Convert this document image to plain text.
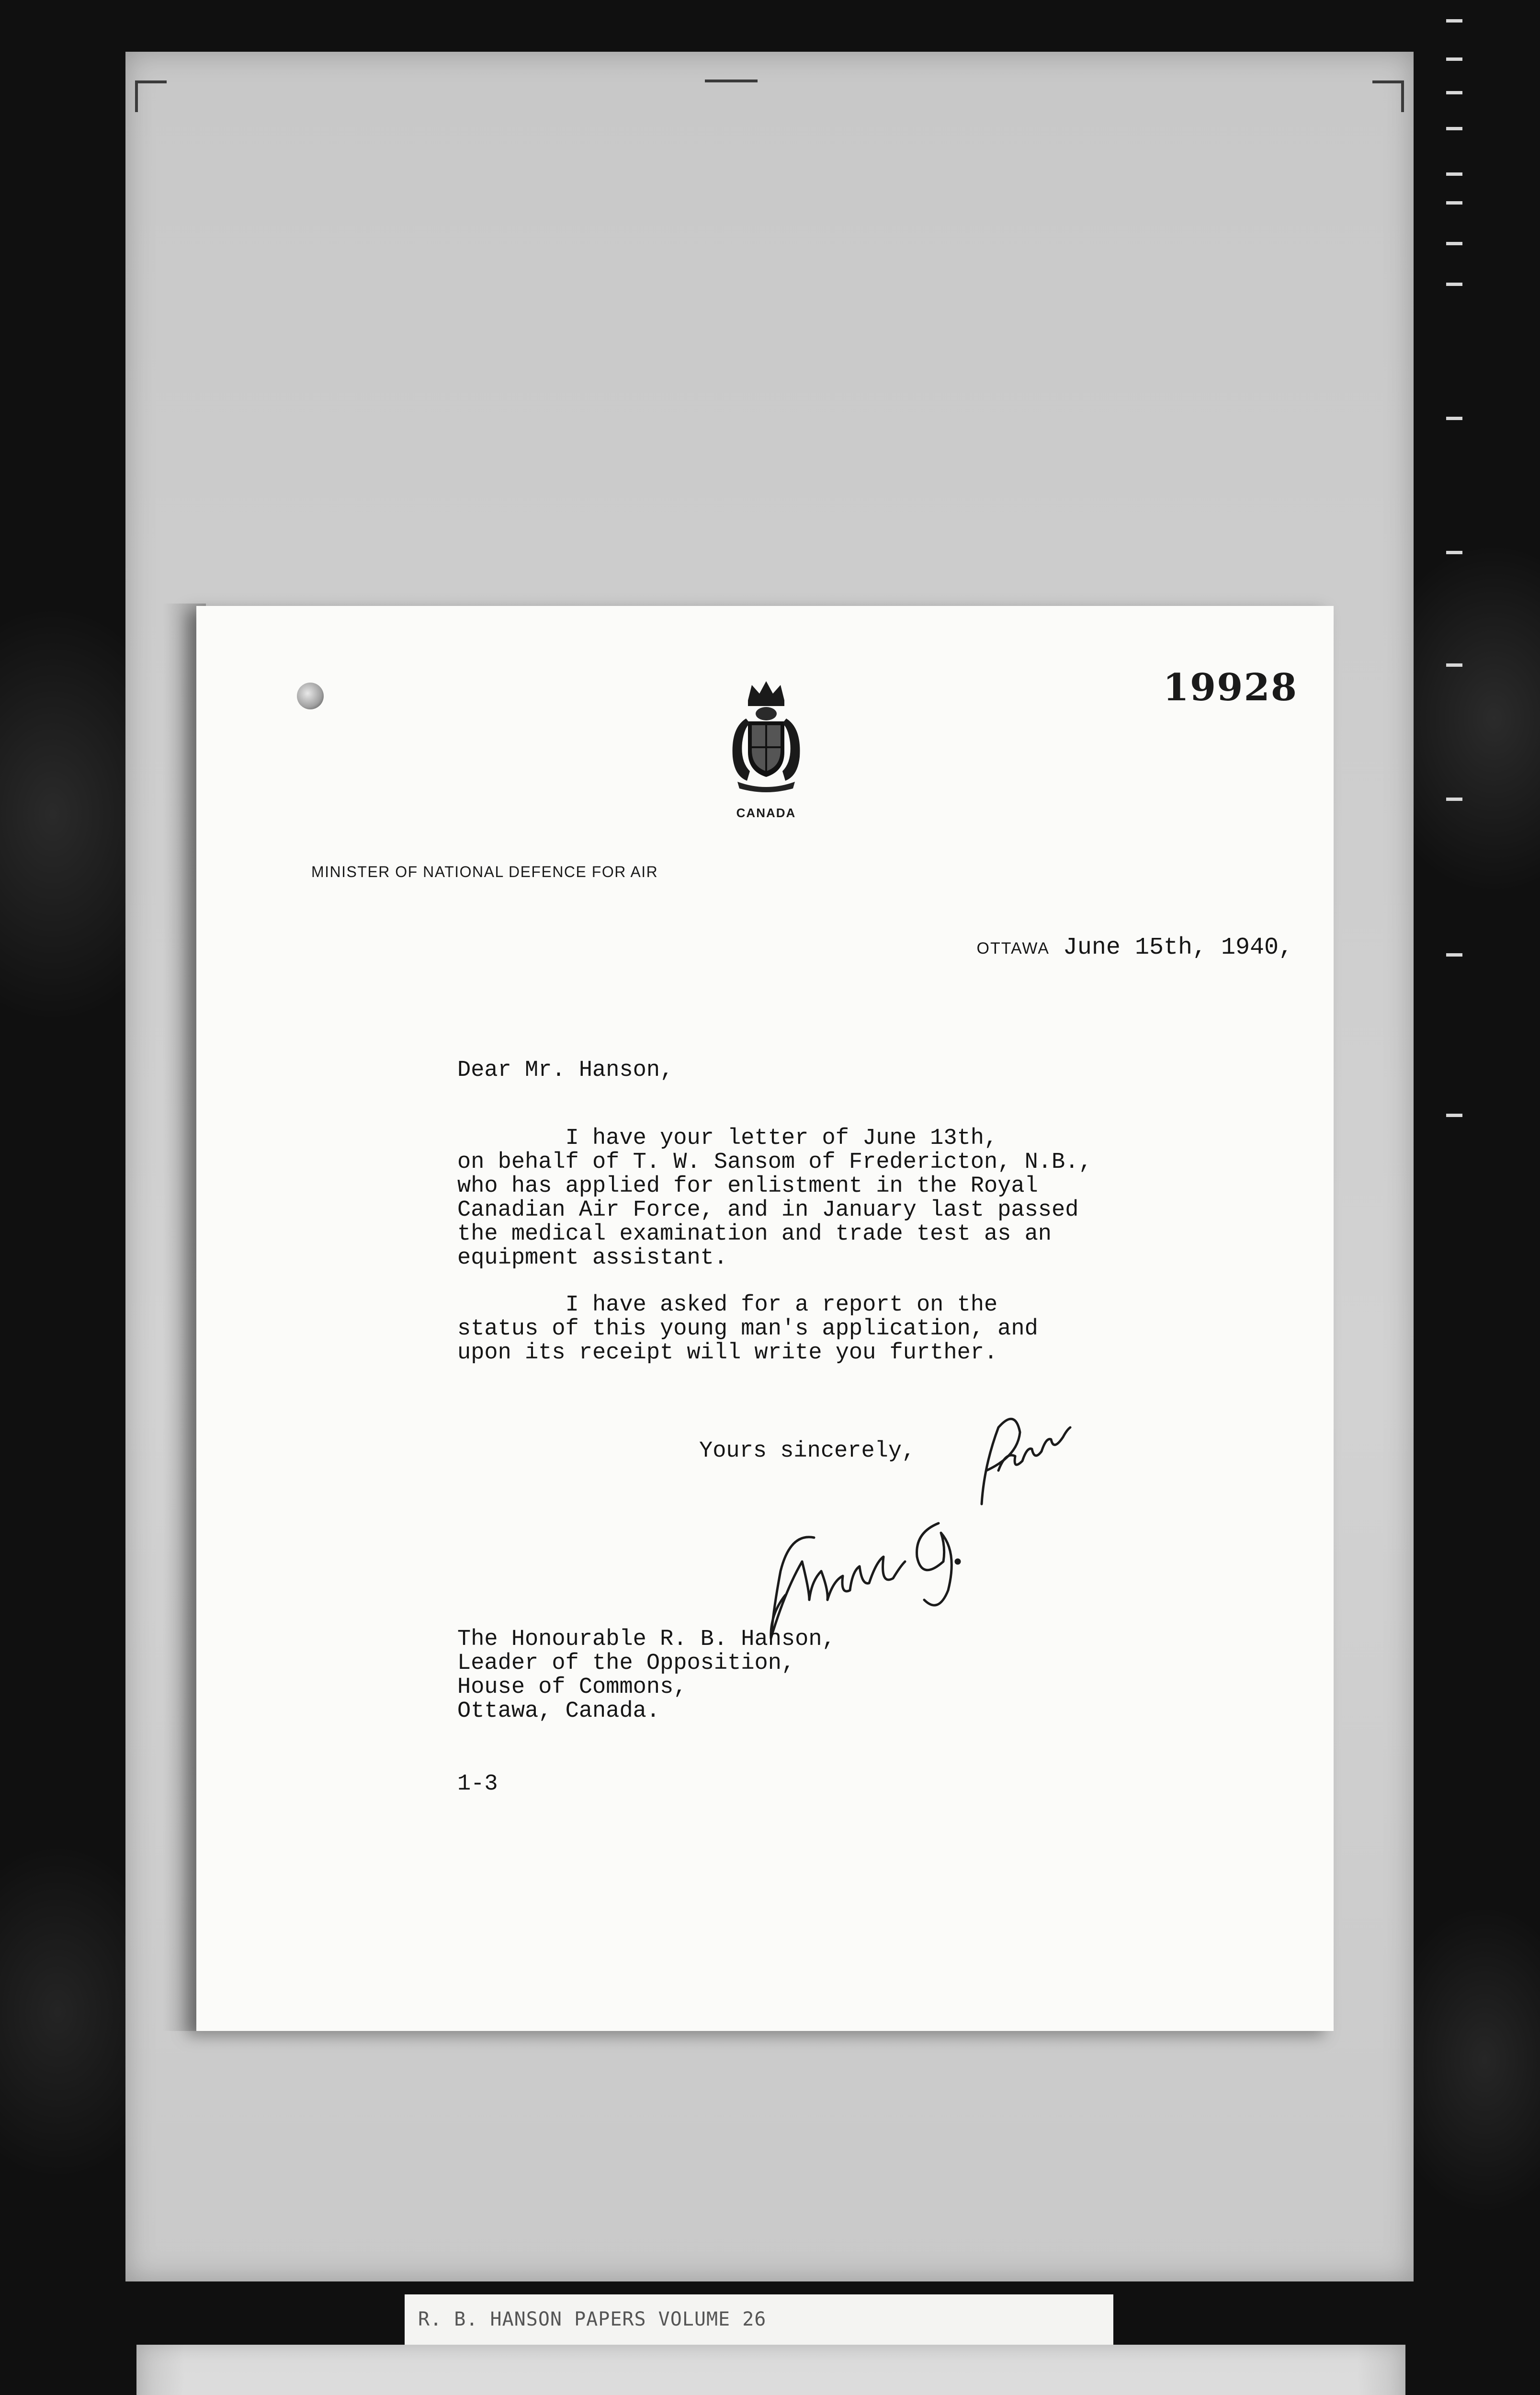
19928
CANADA
MINISTER OF NATIONAL DEFENCE FOR AIR
OTTAWA June 15th, 1940,
Dear Mr. Hanson,
I have your letter of June 13th,
on behalf of T. W. Sansom of Fredericton, N.B.,
who has applied for enlistment in the Royal
Canadian Air Force, and in January last passed
the medical examination and trade test as an
equipment assistant.
I have asked for a report on the
status of this young man's application, and
upon its receipt will write you further.
Yours sincerely,
The Honourable R. B. Hanson,
Leader of the Opposition,
House of Commons,
Ottawa, Canada.
1-3
R. B. HANSON PAPERS VOLUME 26
